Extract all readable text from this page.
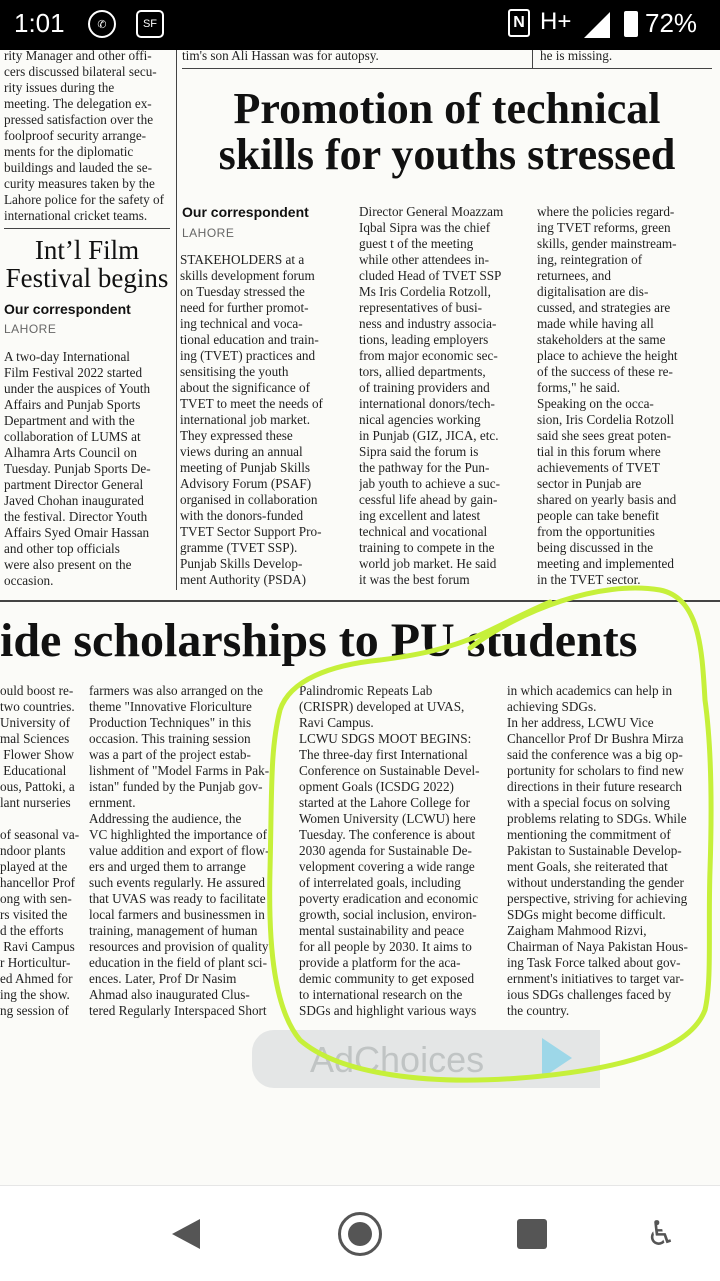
1:01	✆	SF	N H+	72%
rity Manager and other offi-
cers discussed bilateral secu-
rity issues during the
meeting. The delegation ex-
pressed satisfaction over the
foolproof security arrange-
ments for the diplomatic
buildings and lauded the se-
curity measures taken by the
Lahore police for the safety of
international cricket teams.
Int’l Film
Festival begins
Our correspondent
LAHORE
A two-day International
Film Festival 2022 started
under the auspices of Youth
Affairs and Punjab Sports
Department and with the
collaboration of LUMS at
Alhamra Arts Council on
Tuesday. Punjab Sports De-
partment Director General
Javed Chohan inaugurated
the festival. Director Youth
Affairs Syed Omair Hassan
and other top officials
were also present on the
occasion.
tim's son Ali Hassan was for autopsy.	he is missing.
Promotion of technical
skills for youths stressed
Our correspondent
LAHORE
STAKEHOLDERS at a
skills development forum
on Tuesday stressed the
need for further promot-
ing technical and voca-
tional education and train-
ing (TVET) practices and
sensitising the youth
about the significance of
TVET to meet the needs of
international job market.
They expressed these
views during an annual
meeting of Punjab Skills
Advisory Forum (PSAF)
organised in collaboration
with the donors-funded
TVET Sector Support Pro-
gramme (TVET SSP).
Punjab Skills Develop-
ment Authority (PSDA)
Director General Moazzam
Iqbal Sipra was the chief
guest t of the meeting
while other attendees in-
cluded Head of TVET SSP
Ms Iris Cordelia Rotzoll,
representatives of busi-
ness and industry associa-
tions, leading employers
from major economic sec-
tors, allied departments,
of training providers and
international donors/tech-
nical agencies working
in Punjab (GIZ, JICA, etc.
Sipra said the forum is
the pathway for the Pun-
jab youth to achieve a suc-
cessful life ahead by gain-
ing excellent and latest
technical and vocational
training to compete in the
world job market. He said
it was the best forum
where the policies regard-
ing TVET reforms, green
skills, gender mainstream-
ing, reintegration of
returnees, and
digitalisation are dis-
cussed, and strategies are
made while having all
stakeholders at the same
place to achieve the height
of the success of these re-
forms," he said.
Speaking on the occa-
sion, Iris Cordelia Rotzoll
said she sees great poten-
tial in this forum where
achievements of TVET
sector in Punjab are
shared on yearly basis and
people can take benefit
from the opportunities
being discussed in the
meeting and implemented
in the TVET sector.
ide scholarships to PU students
ould boost re-
two countries.
University of
mal Sciences
Flower Show
Educational
ous, Pattoki, a
lant nurseries

of seasonal va-
ndoor plants
played at the
hancellor Prof
ong with sen-
rs visited the
d the efforts
Ravi Campus
r Horticultur-
ed Ahmed for
ing the show.
ng session of
farmers was also arranged on the
theme "Innovative Floriculture
Production Techniques" in this
occasion. This training session
was a part of the project estab-
lishment of "Model Farms in Pak-
istan" funded by the Punjab gov-
ernment.
Addressing the audience, the
VC highlighted the importance of
value addition and export of flow-
ers and urged them to arrange
such events regularly. He assured
that UVAS was ready to facilitate
local farmers and businessmen in
training, management of human
resources and provision of quality
education in the field of plant sci-
ences. Later, Prof Dr Nasim
Ahmad also inaugurated Clus-
tered Regularly Interspaced Short
Palindromic Repeats Lab
(CRISPR) developed at UVAS,
Ravi Campus.
LCWU SDGS MOOT BEGINS:
The three-day first International
Conference on Sustainable Devel-
opment Goals (ICSDG 2022)
started at the Lahore College for
Women University (LCWU) here
Tuesday. The conference is about
2030 agenda for Sustainable De-
velopment covering a wide range
of interrelated goals, including
poverty eradication and economic
growth, social inclusion, environ-
mental sustainability and peace
for all people by 2030. It aims to
provide a platform for the aca-
demic community to get exposed
to international research on the
SDGs and highlight various ways
in which academics can help in
achieving SDGs.
In her address, LCWU Vice
Chancellor Prof Dr Bushra Mirza
said the conference was a big op-
portunity for scholars to find new
directions in their future research
with a special focus on solving
problems relating to SDGs. While
mentioning the commitment of
Pakistan to Sustainable Develop-
ment Goals, she reiterated that
without understanding the gender
perspective, striving for achieving
SDGs might become difficult.
Zaigham Mahmood Rizvi,
Chairman of Naya Pakistan Hous-
ing Task Force talked about gov-
ernment's initiatives to target var-
ious SDGs challenges faced by
the country.
AdChoices
♿
